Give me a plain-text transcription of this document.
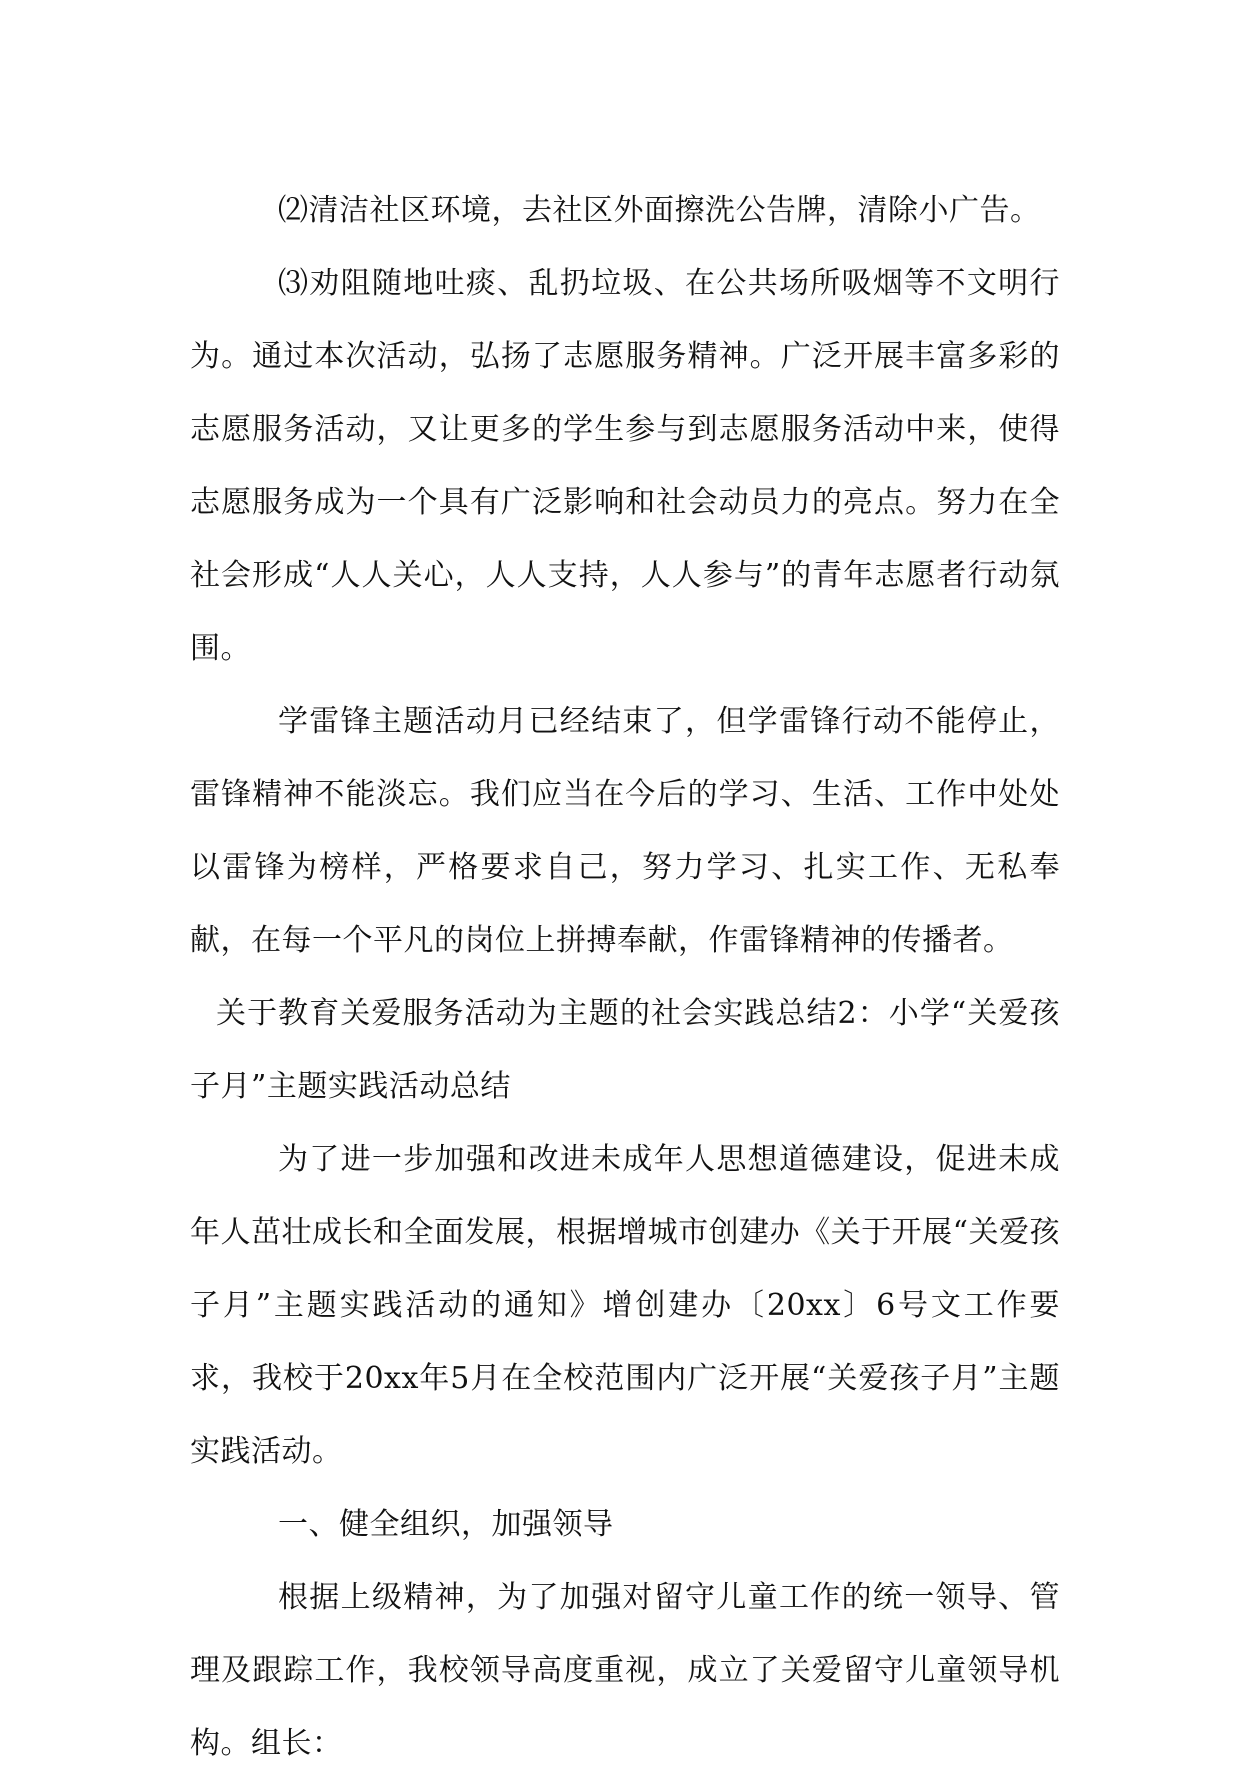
⑵清洁社区环境，去社区外面擦洗公告牌，清除小广告。

⑶劝阻随地吐痰、乱扔垃圾、在公共场所吸烟等不文明行为。通过本次活动，弘扬了志愿服务精神。广泛开展丰富多彩的志愿服务活动，又让更多的学生参与到志愿服务活动中来，使得志愿服务成为一个具有广泛影响和社会动员力的亮点。努力在全社会形成“人人关心，人人支持，人人参与”的青年志愿者行动氛围。

学雷锋主题活动月已经结束了，但学雷锋行动不能停止，雷锋精神不能淡忘。我们应当在今后的学习、生活、工作中处处以雷锋为榜样，严格要求自己，努力学习、扎实工作、无私奉献，在每一个平凡的岗位上拼搏奉献，作雷锋精神的传播者。

关于教育关爱服务活动为主题的社会实践总结2：小学“关爱孩子月”主题实践活动总结

为了进一步加强和改进未成年人思想道德建设，促进未成年人茁壮成长和全面发展，根据增城市创建办《关于开展“关爱孩子月”主题实践活动的通知》增创建办〔20xx〕6号文工作要求，我校于20xx年5月在全校范围内广泛开展“关爱孩子月”主题实践活动。

一、健全组织，加强领导

根据上级精神，为了加强对留守儿童工作的统一领导、管理及跟踪工作，我校领导高度重视，成立了关爱留守儿童领导机构。组长：
